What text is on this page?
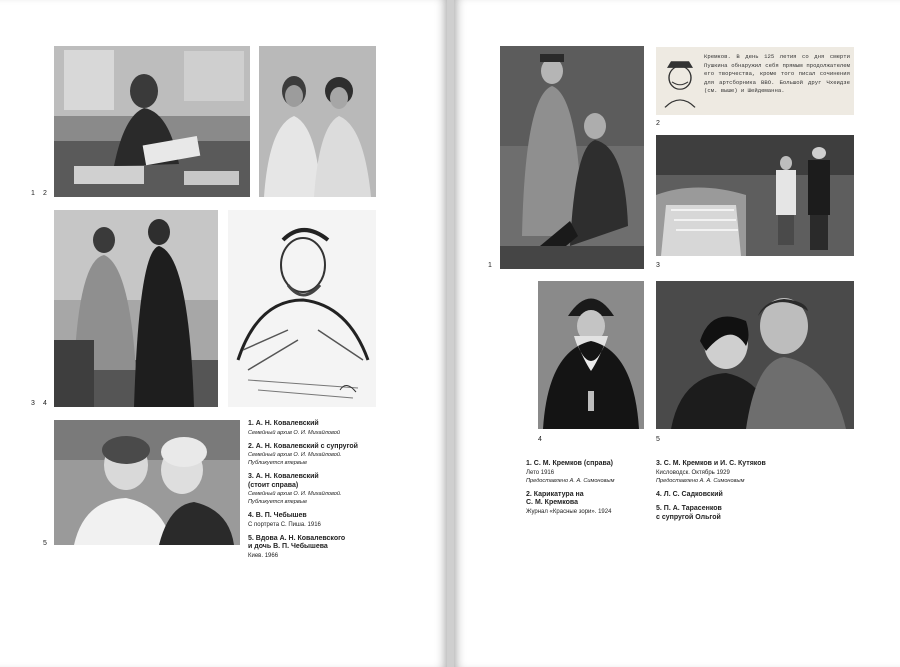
1 2
3 4
5
1. А. Н. Ковалевский
Семейный архив О. И. Михайловой
2. А. Н. Ковалевский с супругой
Семейный архив О. И. Михайловой.
Публикуется впервые
3. А. Н. Ковалевский
(стоит справа)
Семейный архив О. И. Михайловой.
Публикуется впервые
4. В. П. Чебышев
С портрета С. Пиша. 1916
5. Вдова А. Н. Ковалевского
и дочь В. П. Чебышева
Киев. 1966
1
Кремков. В день 125 летия со дня смерти Пушкина обнаружил себя прямым продолжателем его творчества, кроме того писал сочинения для артсборника ВВО. Большой друг Чхеидзе (см. выше) и Шейдеманна.
2
3
4	5
1. С. М. Кремков (справа)
Лето 1916
Предоставлено А. А. Симоновым
2. Карикатура на
С. М. Кремкова
Журнал «Красные зори». 1924
3. С. М. Кремков и И. С. Кутяков
Кисловодск. Октябрь 1929
Предоставлено А. А. Симоновым
4. Л. С. Садковский
5. П. А. Тарасенков
с супругой Ольгой
